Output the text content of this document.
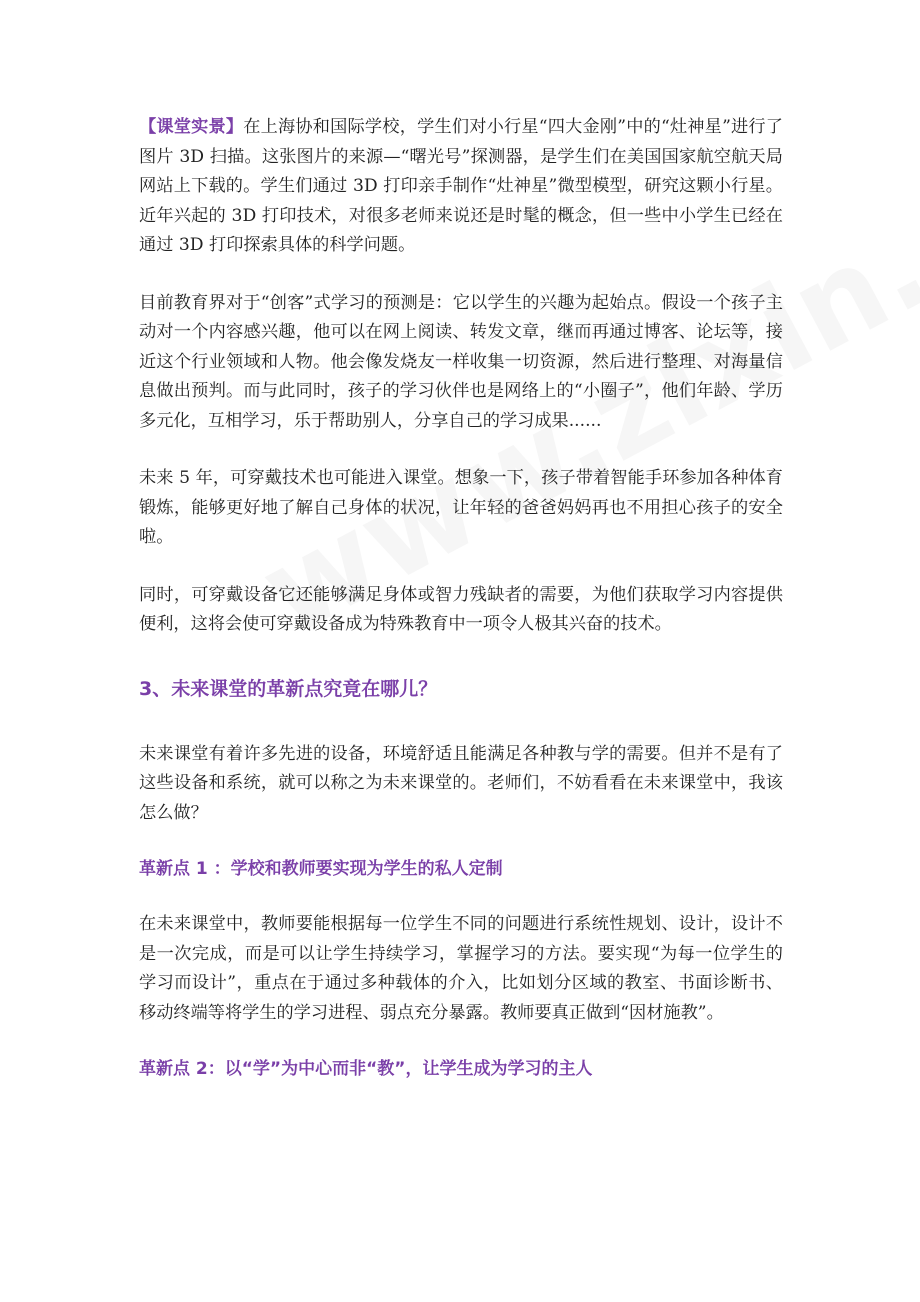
【课堂实景】在上海协和国际学校，学生们对小行星“四大金刚”中的“灶神星”进行了图片 3D 扫描。这张图片的来源—“曙光号”探测器，是学生们在美国国家航空航天局网站上下载的。学生们通过 3D 打印亲手制作“灶神星”微型模型，研究这颗小行星。近年兴起的 3D 打印技术，对很多老师来说还是时髦的概念，但一些中小学生已经在通过 3D 打印探索具体的科学问题。

目前教育界对于“创客”式学习的预测是：它以学生的兴趣为起始点。假设一个孩子主动对一个内容感兴趣，他可以在网上阅读、转发文章，继而再通过博客、论坛等，接近这个行业领域和人物。他会像发烧友一样收集一切资源，然后进行整理、对海量信息做出预判。而与此同时，孩子的学习伙伴也是网络上的“小圈子”，他们年龄、学历多元化，互相学习，乐于帮助别人，分享自己的学习成果......

未来 5 年，可穿戴技术也可能进入课堂。想象一下，孩子带着智能手环参加各种体育锻炼，能够更好地了解自己身体的状况，让年轻的爸爸妈妈再也不用担心孩子的安全啦。

同时，可穿戴设备它还能够满足身体或智力残缺者的需要，为他们获取学习内容提供便利，这将会使可穿戴设备成为特殊教育中一项令人极其兴奋的技术。

3、未来课堂的革新点究竟在哪儿？

未来课堂有着许多先进的设备，环境舒适且能满足各种教与学的需要。但并不是有了这些设备和系统，就可以称之为未来课堂的。老师们，不妨看看在未来课堂中，我该怎么做？

革新点 1 ：学校和教师要实现为学生的私人定制

在未来课堂中，教师要能根据每一位学生不同的问题进行系统性规划、设计，设计不是一次完成，而是可以让学生持续学习，掌握学习的方法。要实现“为每一位学生的学习而设计”，重点在于通过多种载体的介入，比如划分区域的教室、书面诊断书、移动终端等将学生的学习进程、弱点充分暴露。教师要真正做到“因材施教”。

革新点 2：以“学”为中心而非“教”，让学生成为学习的主人
